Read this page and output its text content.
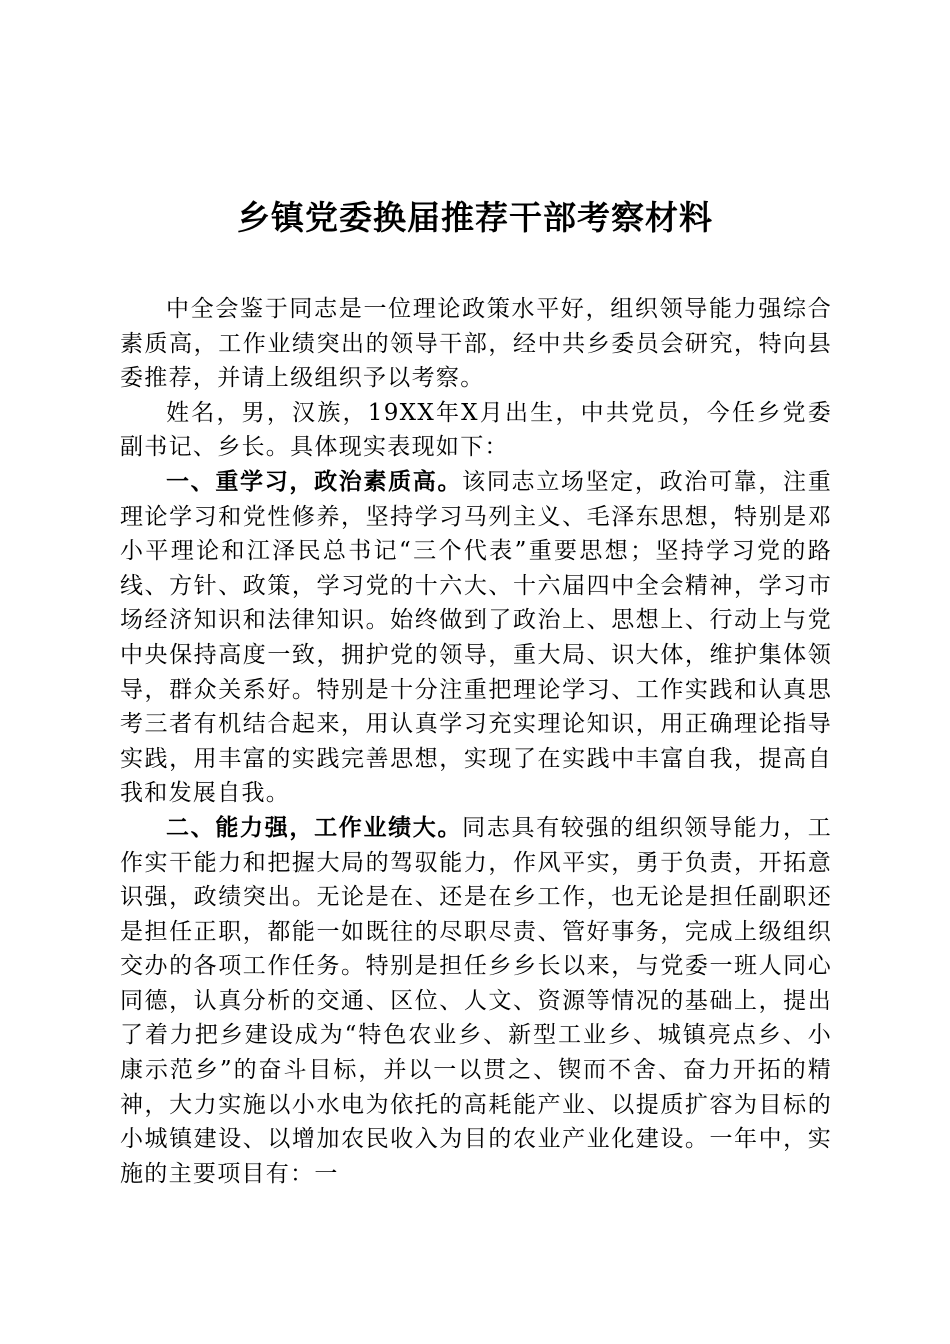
乡镇党委换届推荐干部考察材料

中全会鉴于同志是一位理论政策水平好，组织领导能力强综合素质高，工作业绩突出的领导干部，经中共乡委员会研究，特向县委推荐，并请上级组织予以考察。

姓名，男，汉族，19XX年X月出生，中共党员，今任乡党委副书记、乡长。具体现实表现如下：

一、重学习，政治素质高。该同志立场坚定，政治可靠，注重理论学习和党性修养，坚持学习马列主义、毛泽东思想，特别是邓小平理论和江泽民总书记“三个代表”重要思想；坚持学习党的路线、方针、政策，学习党的十六大、十六届四中全会精神，学习市场经济知识和法律知识。始终做到了政治上、思想上、行动上与党中央保持高度一致，拥护党的领导，重大局、识大体，维护集体领导，群众关系好。特别是十分注重把理论学习、工作实践和认真思考三者有机结合起来，用认真学习充实理论知识，用正确理论指导实践，用丰富的实践完善思想，实现了在实践中丰富自我，提高自我和发展自我。

二、能力强，工作业绩大。同志具有较强的组织领导能力，工作实干能力和把握大局的驾驭能力，作风平实，勇于负责，开拓意识强，政绩突出。无论是在、还是在乡工作，也无论是担任副职还是担任正职，都能一如既往的尽职尽责、管好事务，完成上级组织交办的各项工作任务。特别是担任乡乡长以来，与党委一班人同心同德，认真分析的交通、区位、人文、资源等情况的基础上，提出了着力把乡建设成为“特色农业乡、新型工业乡、城镇亮点乡、小康示范乡”的奋斗目标，并以一以贯之、锲而不舍、奋力开拓的精神，大力实施以小水电为依托的高耗能产业、以提质扩容为目标的小城镇建设、以增加农民收入为目的农业产业化建设。一年中，实施的主要项目有：一
